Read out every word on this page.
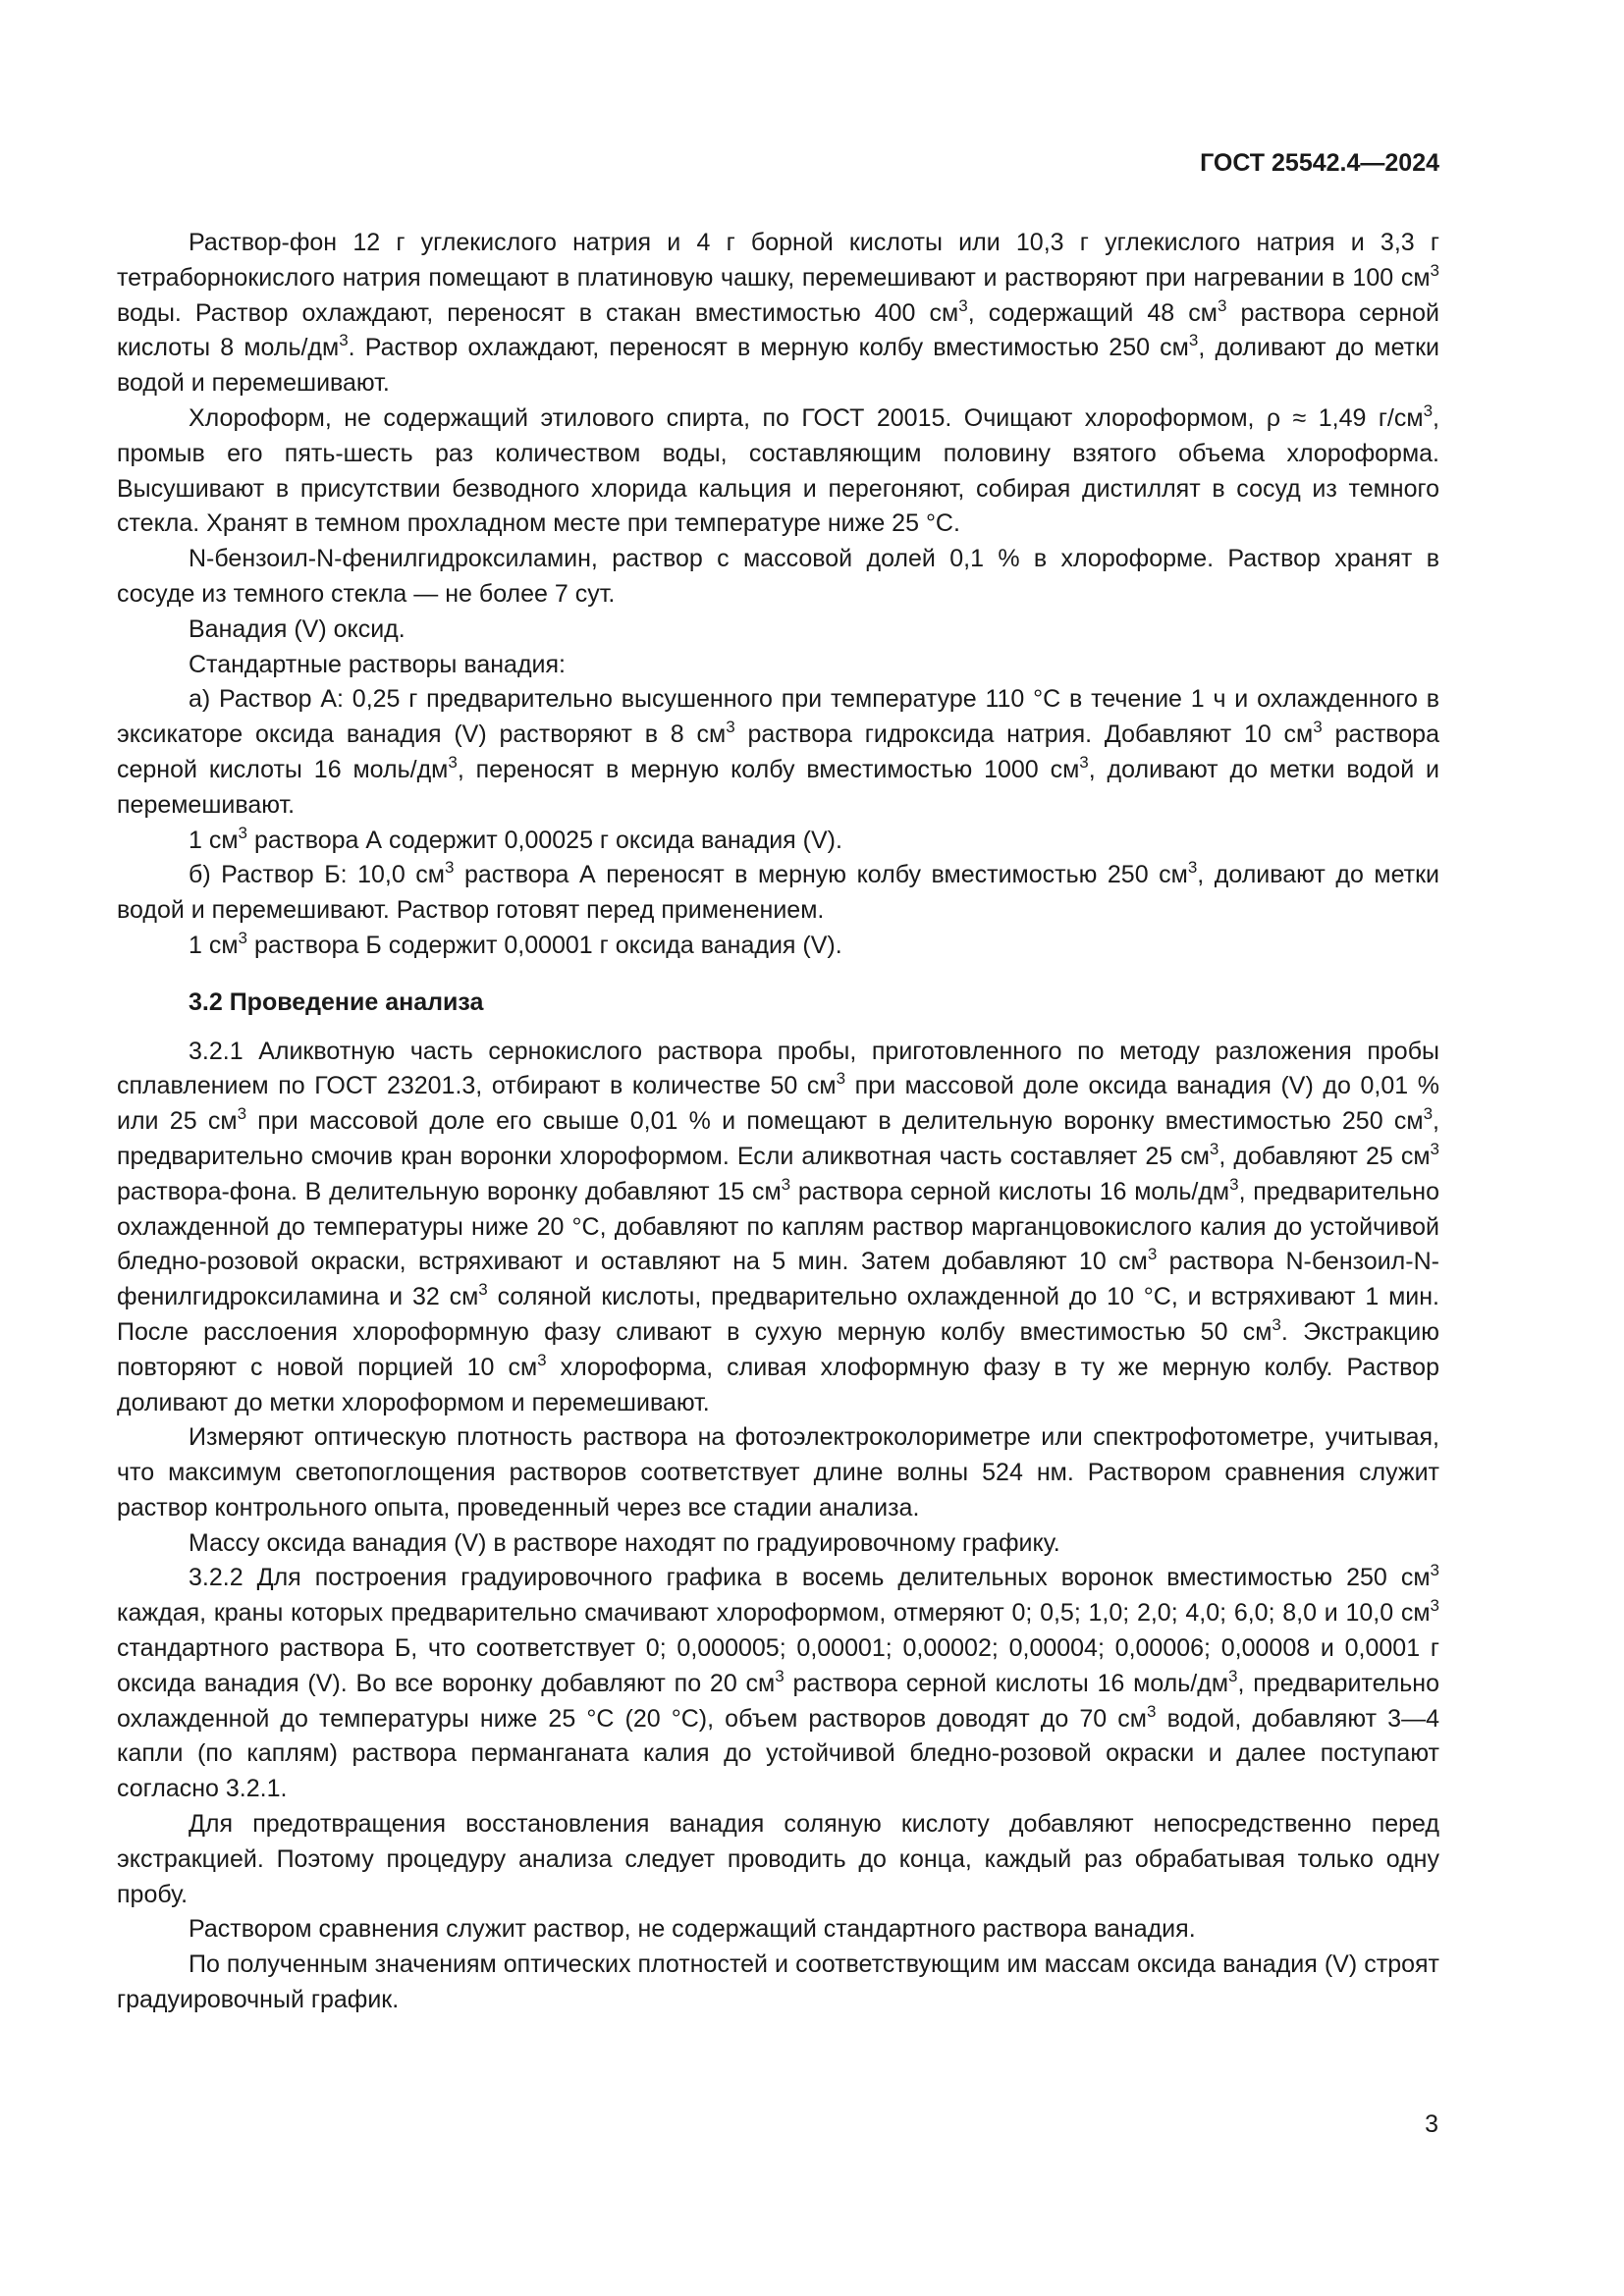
ГОСТ 25542.4—2024

Раствор-фон 12 г углекислого натрия и 4 г борной кислоты или 10,3 г углекислого натрия и 3,3 г тетраборнокислого натрия помещают в платиновую чашку, перемешивают и растворяют при нагревании в 100 $см^3$ воды. Раствор охлаждают, переносят в стакан вместимостью 400 $см^3$, содержащий 48 $см^3$ раствора серной кислоты 8 моль/$дм^3$. Раствор охлаждают, переносят в мерную колбу вместимостью 250 $см^3$, доливают до метки водой и перемешивают.

Хлороформ, не содержащий этилового спирта, по ГОСТ 20015. Очищают хлороформом, ρ ≈ 1,49 $г/см^3$, промыв его пять-шесть раз количеством воды, составляющим половину взятого объема хлороформа. Высушивают в присутствии безводного хлорида кальция и перегоняют, собирая дистиллят в сосуд из темного стекла. Хранят в темном прохладном месте при температуре ниже 25 °С.

N-бензоил-N-фенилгидроксиламин, раствор с массовой долей 0,1 % в хлороформе. Раствор хранят в сосуде из темного стекла — не более 7 сут.

Ванадия (V) оксид.

Стандартные растворы ванадия:

а) Раствор А: 0,25 г предварительно высушенного при температуре 110 °С в течение 1 ч и охлажденного в эксикаторе оксида ванадия (V) растворяют в 8 $см^3$ раствора гидроксида натрия. Добавляют 10 $см^3$ раствора серной кислоты 16 моль/$дм^3$, переносят в мерную колбу вместимостью 1000 $см^3$, доливают до метки водой и перемешивают.

1 $см^3$ раствора А содержит 0,00025 г оксида ванадия (V).

б) Раствор Б: 10,0 $см^3$ раствора А переносят в мерную колбу вместимостью 250 $см^3$, доливают до метки водой и перемешивают. Раствор готовят перед применением.

1 $см^3$ раствора Б содержит 0,00001 г оксида ванадия (V).

3.2 Проведение анализа

3.2.1 Аликвотную часть сернокислого раствора пробы, приготовленного по методу разложения пробы сплавлением по ГОСТ 23201.3, отбирают в количестве 50 $см^3$ при массовой доле оксида ванадия (V) до 0,01 % или 25 $см^3$ при массовой доле его свыше 0,01 % и помещают в делительную воронку вместимостью 250 $см^3$, предварительно смочив кран воронки хлороформом. Если аликвотная часть составляет 25 $см^3$, добавляют 25 $см^3$ раствора-фона. В делительную воронку добавляют 15 $см^3$ раствора серной кислоты 16 моль/$дм^3$, предварительно охлажденной до температуры ниже 20 °С, добавляют по каплям раствор марганцовокислого калия до устойчивой бледно-розовой окраски, встряхивают и оставляют на 5 мин. Затем добавляют 10 $см^3$ раствора N-бензоил-N-фенилгидроксиламина и 32 $см^3$ соляной кислоты, предварительно охлажденной до 10 °С, и встряхивают 1 мин. После расслоения хлороформную фазу сливают в сухую мерную колбу вместимостью 50 $см^3$. Экстракцию повторяют с новой порцией 10 $см^3$ хлороформа, сливая хлоформную фазу в ту же мерную колбу. Раствор доливают до метки хлороформом и перемешивают.

Измеряют оптическую плотность раствора на фотоэлектроколориметре или спектрофотометре, учитывая, что максимум светопоглощения растворов соответствует длине волны 524 нм. Раствором сравнения служит раствор контрольного опыта, проведенный через все стадии анализа.

Массу оксида ванадия (V) в растворе находят по градуировочному графику.

3.2.2 Для построения градуировочного графика в восемь делительных воронок вместимостью 250 $см^3$ каждая, краны которых предварительно смачивают хлороформом, отмеряют 0; 0,5; 1,0; 2,0; 4,0; 6,0; 8,0 и 10,0 $см^3$ стандартного раствора Б, что соответствует 0; 0,000005; 0,00001; 0,00002; 0,00004; 0,00006; 0,00008 и 0,0001 г оксида ванадия (V). Во все воронку добавляют по 20 $см^3$ раствора серной кислоты 16 моль/$дм^3$, предварительно охлажденной до температуры ниже 25 °С (20 °С), объем растворов доводят до 70 $см^3$ водой, добавляют 3—4 капли (по каплям) раствора перманганата калия до устойчивой бледно-розовой окраски и далее поступают согласно 3.2.1.

Для предотвращения восстановления ванадия соляную кислоту добавляют непосредственно перед экстракцией. Поэтому процедуру анализа следует проводить до конца, каждый раз обрабатывая только одну пробу.

Раствором сравнения служит раствор, не содержащий стандартного раствора ванадия.

По полученным значениям оптических плотностей и соответствующим им массам оксида ванадия (V) строят градуировочный график.

3
